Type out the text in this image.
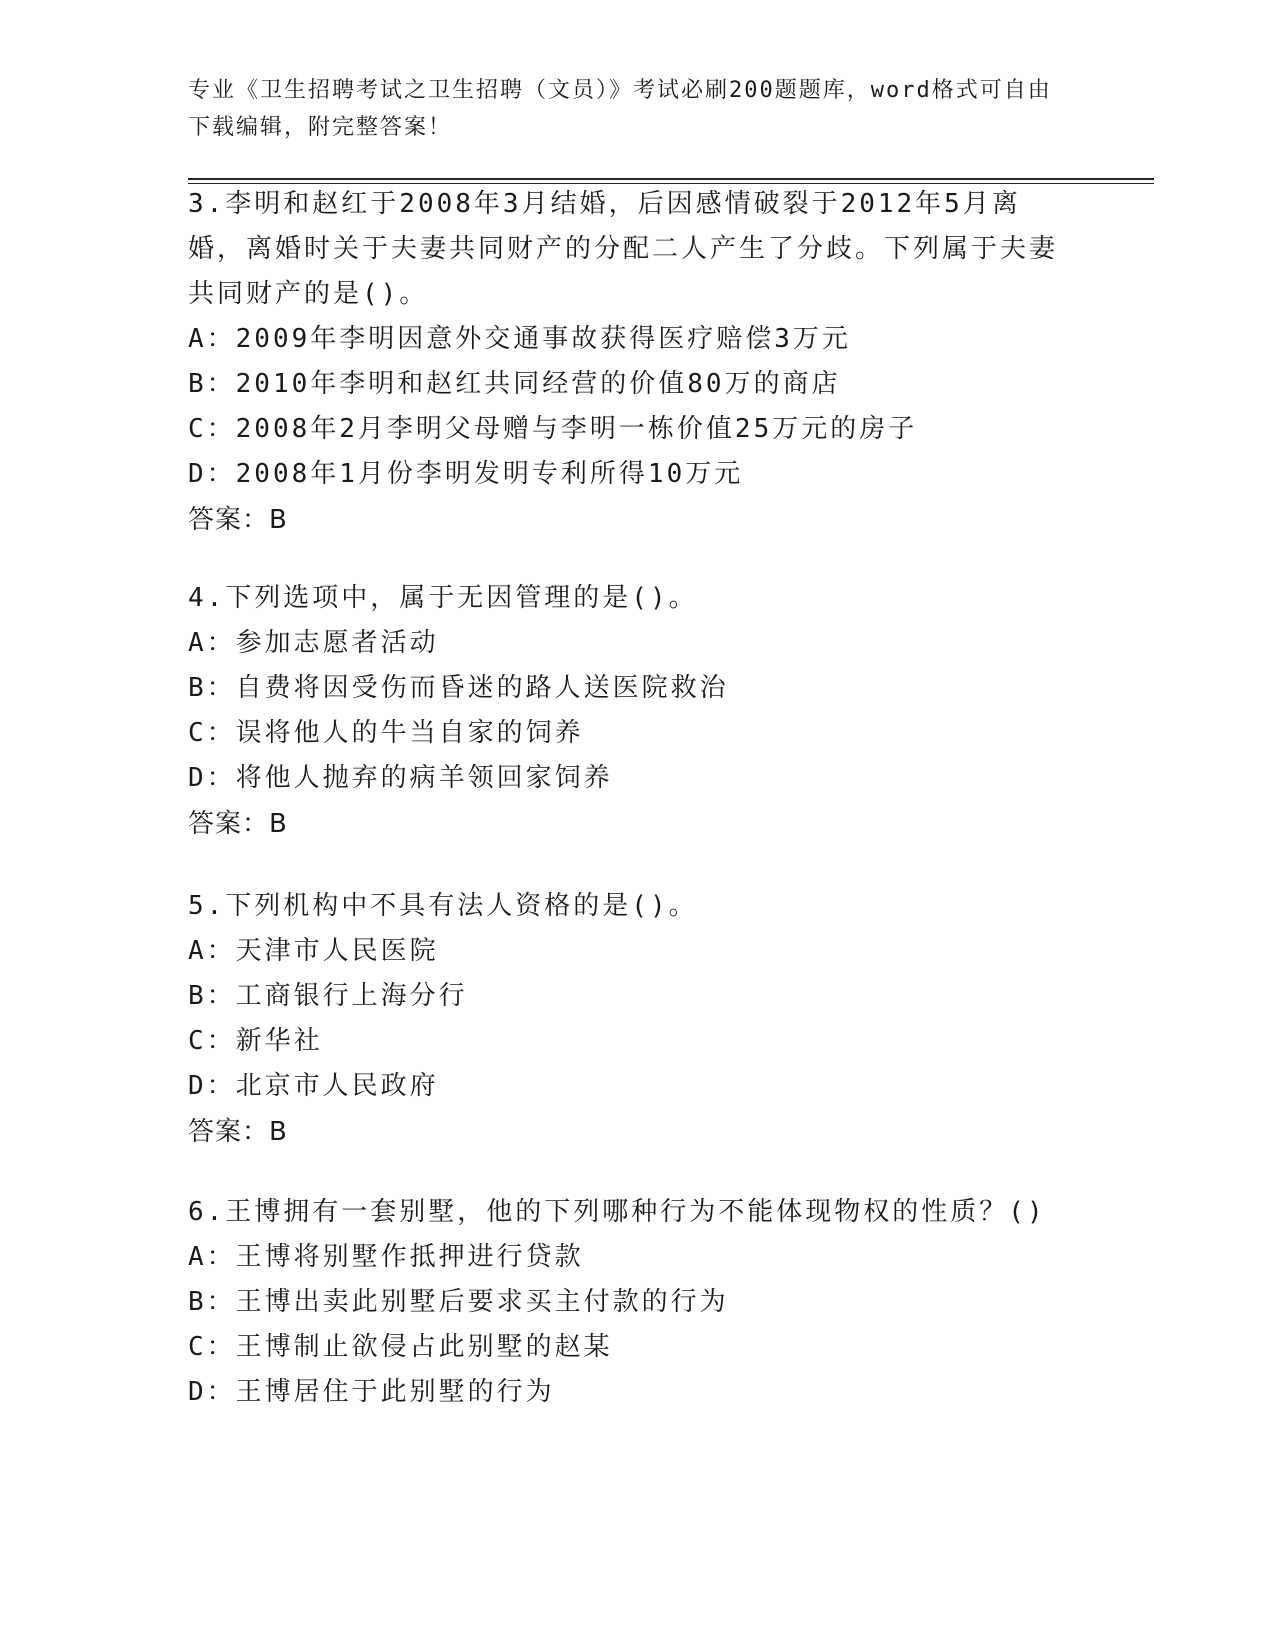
专业《卫生招聘考试之卫生招聘（文员）》考试必刷200题题库，word格式可自由下载编辑，附完整答案！
3.李明和赵红于2008年3月结婚，后因感情破裂于2012年5月离婚，离婚时关于夫妻共同财产的分配二人产生了分歧。下列属于夫妻共同财产的是()。
A：2009年李明因意外交通事故获得医疗赔偿3万元
B：2010年李明和赵红共同经营的价值80万的商店
C：2008年2月李明父母赠与李明一栋价值25万元的房子
D：2008年1月份李明发明专利所得10万元
答案：B
4.下列选项中，属于无因管理的是()。
A：参加志愿者活动
B：自费将因受伤而昏迷的路人送医院救治
C：误将他人的牛当自家的饲养
D：将他人抛弃的病羊领回家饲养
答案：B
5.下列机构中不具有法人资格的是()。
A：天津市人民医院
B：工商银行上海分行
C：新华社
D：北京市人民政府
答案：B
6.王博拥有一套别墅，他的下列哪种行为不能体现物权的性质？()
A：王博将别墅作抵押进行贷款
B：王博出卖此别墅后要求买主付款的行为
C：王博制止欲侵占此别墅的赵某
D：王博居住于此别墅的行为
